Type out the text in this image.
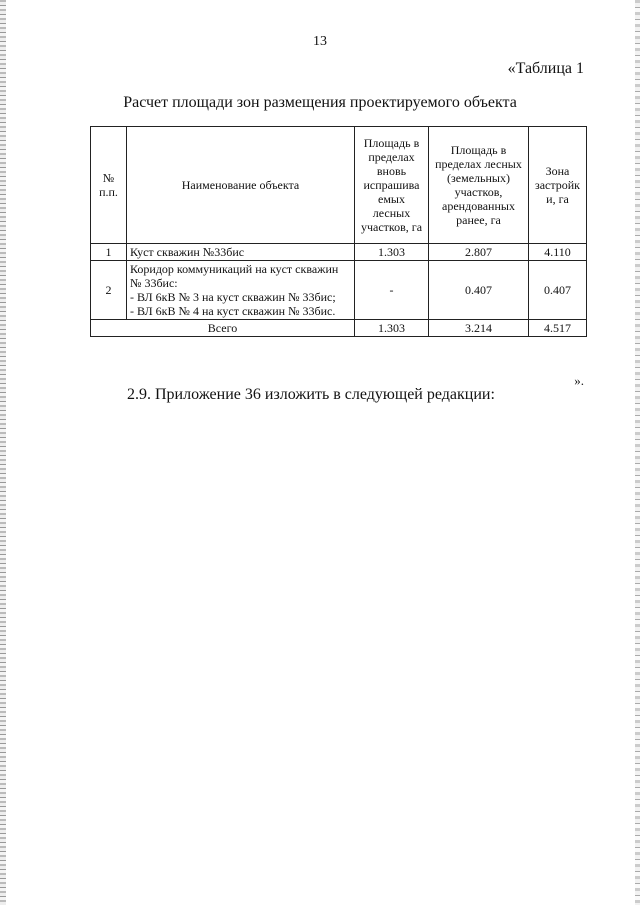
13
«Таблица 1
Расчет площади зон размещения проектируемого объекта
№ п.п.	Наименование объекта	Площадь в пределах вновь испрашива емых лесных участков, га	Площадь в пределах лесных (земельных) участков, арендованных ранее, га	Зона застройк и, га
1	Куст скважин №33бис	1.303	2.807	4.110
2	Коридор коммуникаций на куст скважин № 33бис:
- ВЛ 6кВ № 3 на куст скважин № 33бис;
- ВЛ 6кВ № 4 на куст скважин № 33бис.	-	0.407	0.407
Всего		1.303	3.214	4.517
».
2.9. Приложение 36 изложить в следующей редакции:
